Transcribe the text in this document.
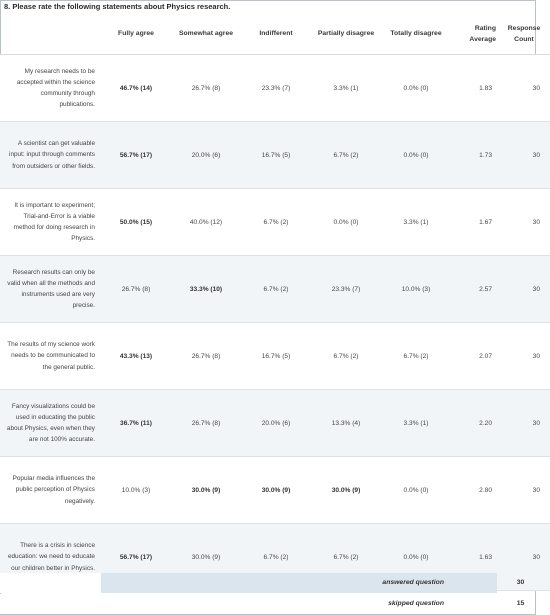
8. Please rate the following statements about Physics research.
	Fully agree	Somewhat agree	Indifferent	Partially disagree	Totally disagree	Rating Average	Response Count
My research needs to be accepted within the science community through publications.	46.7% (14)	26.7% (8)	23.3% (7)	3.3% (1)	0.0% (0)	1.83	30
A scientist can get valuable input: input through comments from outsiders or other fields.	56.7% (17)	20.0% (6)	16.7% (5)	6.7% (2)	0.0% (0)	1.73	30
It is important to experiment; Trial-and-Error is a viable method for doing research in Physics.	50.0% (15)	40.0% (12)	6.7% (2)	0.0% (0)	3.3% (1)	1.67	30
Research results can only be valid when all the methods and instruments used are very precise.	26.7% (8)	33.3% (10)	6.7% (2)	23.3% (7)	10.0% (3)	2.57	30
The results of my science work needs to be communicated to the general public.	43.3% (13)	26.7% (8)	16.7% (5)	6.7% (2)	6.7% (2)	2.07	30
Fancy visualizations could be used in educating the public about Physics, even when they are not 100% accurate.	36.7% (11)	26.7% (8)	20.0% (6)	13.3% (4)	3.3% (1)	2.20	30
Popular media influences the public perception of Physics negatively.	10.0% (3)	30.0% (9)	30.0% (9)	30.0% (9)	0.0% (0)	2.80	30
There is a crisis in science education: we need to educate our children better in Physics.	56.7% (17)	30.0% (9)	6.7% (2)	6.7% (2)	0.0% (0)	1.63	30
answered question	30
skipped question	15
